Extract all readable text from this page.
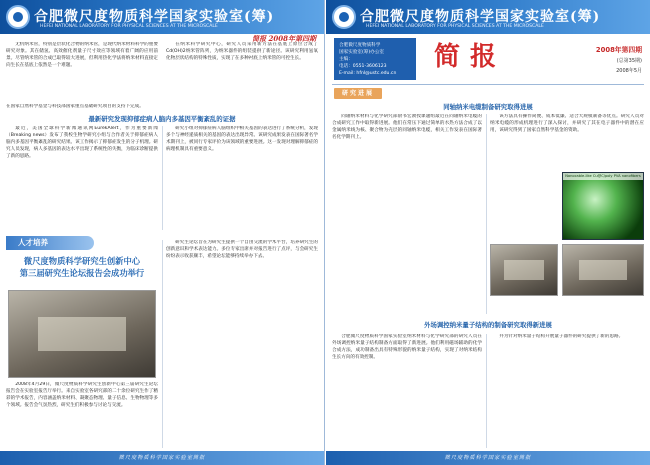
合肥微尺度物质科学国家实验室(筹)
HEFEI NATIONAL LABORATORY FOR PHYSICAL SCIENCES AT THE MICROSCALE
简报 2008年第四期

无机纳米管，特别是层状化合物的纳米管，是现代纳米材料科学的重要研究对象。其在储氢、高效催化剂量子尺寸效应等领域有着广阔的应用前景。尽管纳米管的合成已取得较大进展，但利用热化学法将纳米材料直接定向生长在基底上依然是一个难题。

在纳米科学研究中心，研究人员采用新方法在基底上原位合成了Cd(OH)2纳米管阵列，为纳米器件的组装提供了新途径。该研究利用氢氧化物层状结构的特殊性质，实现了在多种衬底上纳米管的可控生长。

在国家自然科学基金与科技部国家重点基础研究项目的支持下完成。

最新研究发现抑郁症病人脑内多基因平衡紊乱的证据

最近，美国全球科学新闻通讯网EurekAlert，作为重要新闻（Breaking news）发布了我校生物学研究小组与合作者关于抑郁症病人脑内多基因平衡紊乱的研究结果。该工作揭示了抑郁症发生的分子机理。研究人员发现，病人多基因的表达水平出现了系统性的失衡，为临床诊断提供了新的思路。

研究小组对抑郁症病人脑组织中相关基因的表达进行了系统分析，发现多个与神经递质相关的基因的表达出现异常。该研究成果发表在国际著名学术期刊上，被同行专家评价为该领域的重要进展。这一发现对理解抑郁症的病理机制具有重要意义。

人才培养
微尺度物质科学研究生创新中心
第三届研究生论坛报告会成功举行

2008年4月29日，微尺度物质科学研究生创新中心第三届研究生论坛报告会在实验室报告厅举行。来自实验室各研究部的二十余位研究生作了精彩的学术报告，内容涵盖纳米材料、凝聚态物理、量子信息、生物物理等多个领域。报告会气氛热烈，研究生们积极参与讨论与交流。

研究生论坛旨在为研究生提供一个自由交流的学术平台，培养研究生的创新意识和学术表达能力。多位专家出席并对报告进行了点评，与会研究生纷纷表示收获颇丰，希望论坛能够持续举办下去。

微尺度物质科学国家实验室简报
合肥微尺度物质科学国家实验室(筹)
HEFEI NATIONAL LABORATORY FOR PHYSICAL SCIENCES AT THE MICROSCALE
合肥微尺度物质科学
国家实验室(筹)办公室
主编：
电话：0551-3606123
E-mail: hfnl@ustc.edu.cn
简报	2008年第四期
(总第35期)
2008年5月
研究进展
同轴纳米电缆制备研究取得进展

同轴纳米材料与化学研究部俞书宏教授课题组最近在同轴纳米电缆的合成研究工作中取得新进展。他们在常压下通过简单的水热方法合成了以金属纳米线为核、聚合物为壳层的同轴纳米电缆，相关工作发表在国际著名化学期刊上。

该方法具有操作简便、成本低廉、适合大规模制备等优点。研究人员对纳米电缆的形成机理进行了深入探讨，并研究了其在电子器件中的潜在应用，该研究得到了国家自然科学基金的资助。

Nanocable-like Cu@C/poly PVA nanofibers
外场调控纳米量子结构的制备研究取得新进展

合肥微尺度物质科学国家实验室纳米材料与化学研究部的研究人员在外场调控纳米量子结构制备方面取得了新进展。他们利用磁场辅助的化学合成方法，成功制备出具有特殊形貌的纳米量子结构，实现了对纳米结构生长方向的有效控制。

并为针对纳米量子结构开展量子器件的研究提供了新的思路。

微尺度物质科学国家实验室简报
